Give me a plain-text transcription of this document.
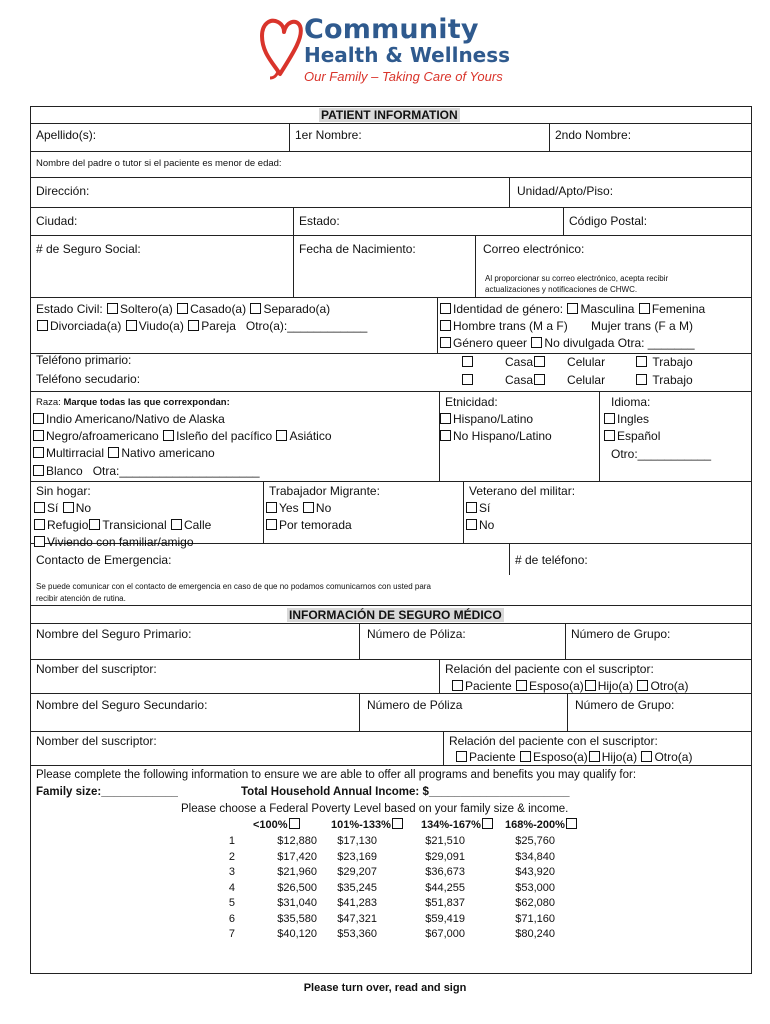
Community
Health & Wellness
Our Family – Taking Care of Yours
PATIENT INFORMATION
Apellido(s):	1er Nombre:	2ndo Nombre:
Nombre del padre o tutor si el paciente es menor de edad:
Dirección:	Unidad/Apto/Piso:
Ciudad:	Estado:	Código Postal:
# de Seguro Social:	Fecha de Nacimiento:	Correo electrónico:
Al proporcionar su correo electrónico, acepta recibir
actualizaciones y notificaciones de CHWC.
Estado Civil: Soltero(a) Casado(a) Separado(a)
Divorciada(a) Viudo(a) Pareja Otro(a):____________
Identidad de género: Masculina Femenina
Hombre trans (M a F) Mujer trans (F a M)
Género queer No divulgada Otra: _______
Teléfono primario:
Teléfono secudario:
Casa	Celular	Trabajo
Casa	Celular	Trabajo
Raza: Marque todas las que correxpondan:
Indio Americano/Nativo de Alaska
Negro/afroamericano Isleño del pacífico Asiático
Multirracial Nativo americano
Blanco Otra:_____________________
Etnicidad:
Hispano/Latino
No Hispano/Latino
Idioma:
Ingles
Español
Otro:___________
Sin hogar:
Sí No
Refugio Transicional Calle
Viviendo con familiar/amigo
Trabajador Migrante:
Yes No
Por temorada
Veterano del militar:
Sí
No
Contacto de Emergencia:	# de teléfono:
Se puede comunicar con el contacto de emergencia en caso de que no podamos comunicarnos con usted para
recibir atención de rutina.
INFORMACIÓN DE SEGURO MÉDICO
Nombre del Seguro Primario:	Número de Póliza:	Número de Grupo:
Nomber del suscriptor:	Relación del paciente con el suscriptor:
Paciente Esposo(a) Hijo(a) Otro(a)
Nombre del Seguro Secundario:	Número de Póliza	Número de Grupo:
Nomber del suscriptor:	Relación del paciente con el suscriptor:
Paciente Esposo(a) Hijo(a) Otro(a)
Please complete the following information to ensure we are able to offer all programs and benefits you may qualify for:
Family size:____________	Total Household Annual Income: $______________________
Please choose a Federal Poverty Level based on your family size & income.
<100%	101%-133%	134%-167%	168%-200%
1	$12,880	$17,130	$21,510	$25,760
2	$17,420	$23,169	$29,091	$34,840
3	$21,960	$29,207	$36,673	$43,920
4	$26,500	$35,245	$44,255	$53,000
5	$31,040	$41,283	$51,837	$62,080
6	$35,580	$47,321	$59,419	$71,160
7	$40,120	$53,360	$67,000	$80,240
Please turn over, read and sign
